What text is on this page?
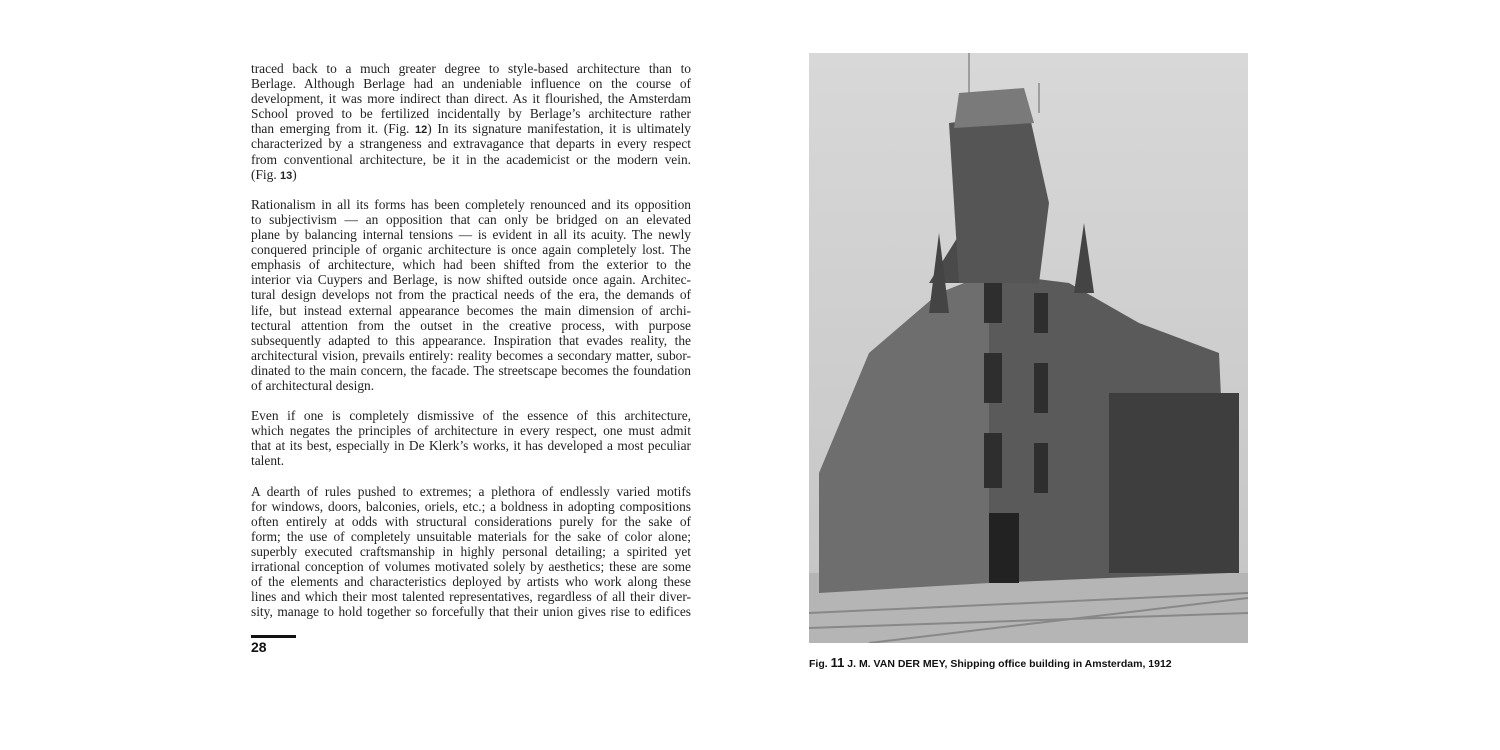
traced back to a much greater degree to style-based architecture than to
Berlage. Although Berlage had an undeniable influence on the course of
development, it was more indirect than direct. As it flourished, the Amsterdam
School proved to be fertilized incidentally by Berlage’s architecture rather
than emerging from it. (Fig. 12) In its signature manifestation, it is ultimately
characterized by a strangeness and extravagance that departs in every respect
from conventional architecture, be it in the academicist or the modern vein.
(Fig. 13)
Rationalism in all its forms has been completely renounced and its opposition
to subjectivism — an opposition that can only be bridged on an elevated
plane by balancing internal tensions — is evident in all its acuity. The newly
conquered principle of organic architecture is once again completely lost. The
emphasis of architecture, which had been shifted from the exterior to the
interior via Cuypers and Berlage, is now shifted outside once again. Architec-
tural design develops not from the practical needs of the era, the demands of
life, but instead external appearance becomes the main dimension of archi-
tectural attention from the outset in the creative process, with purpose
subsequently adapted to this appearance. Inspiration that evades reality, the
architectural vision, prevails entirely: reality becomes a secondary matter, subor-
dinated to the main concern, the facade. The streetscape becomes the foundation
of architectural design.
Even if one is completely dismissive of the essence of this architecture,
which negates the principles of architecture in every respect, one must admit
that at its best, especially in De Klerk’s works, it has developed a most peculiar
talent.
A dearth of rules pushed to extremes; a plethora of endlessly varied motifs
for windows, doors, balconies, oriels, etc.; a boldness in adopting compositions
often entirely at odds with structural considerations purely for the sake of
form; the use of completely unsuitable materials for the sake of color alone;
superbly executed craftsmanship in highly personal detailing; a spirited yet
irrational conception of volumes motivated solely by aesthetics; these are some
of the elements and characteristics deployed by artists who work along these
lines and which their most talented representatives, regardless of all their diver-
sity, manage to hold together so forcefully that their union gives rise to edifices
28
Fig. 11 J. M. VAN DER MEY, Shipping office building in Amsterdam, 1912
